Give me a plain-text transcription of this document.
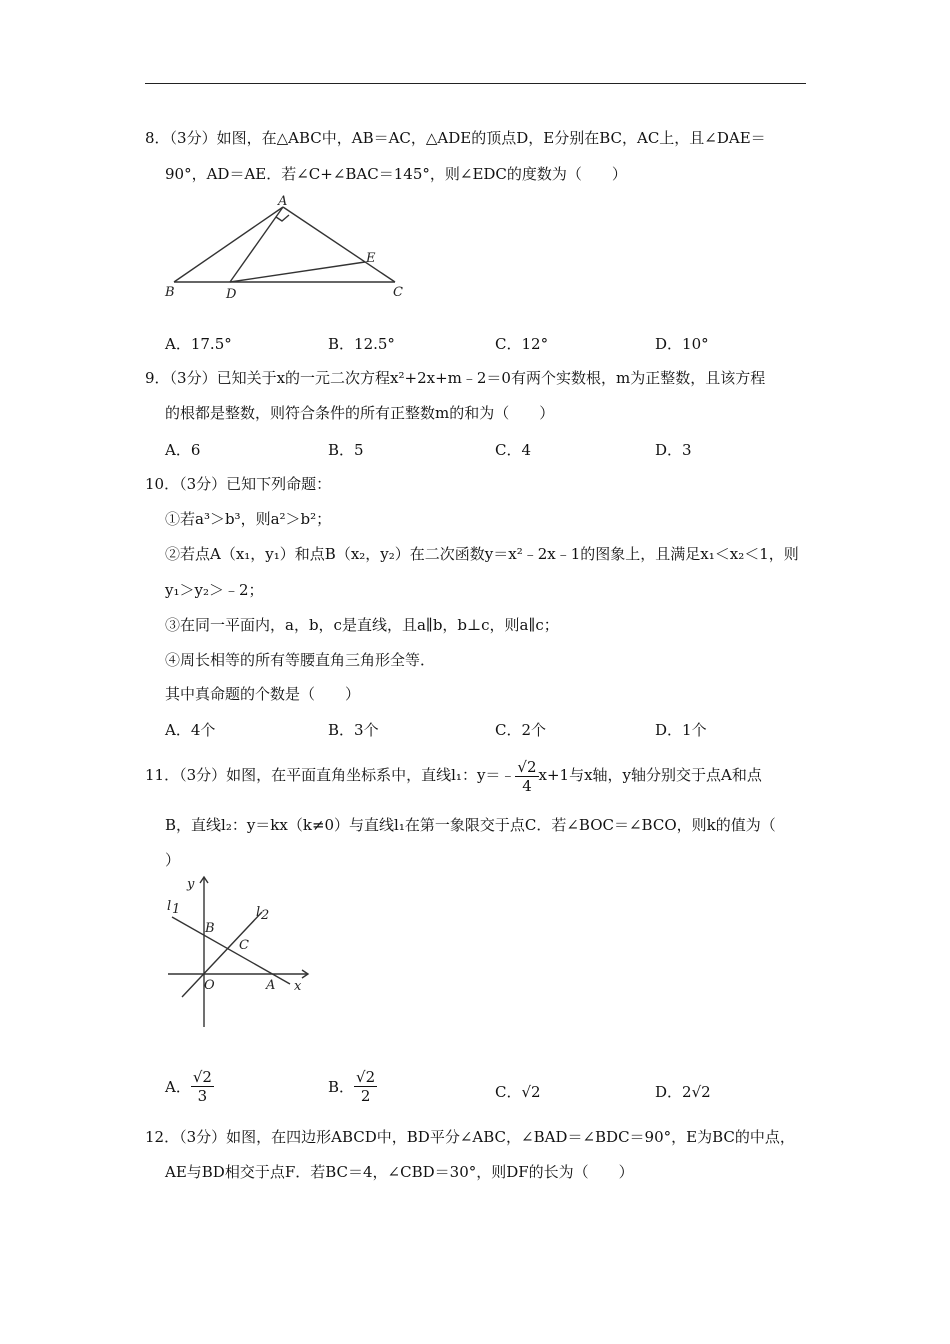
8．（3分）如图，在△ABC中，AB＝AC，△ADE的顶点D，E分别在BC，AC上，且∠DAE＝
90°，AD＝AE．若∠C+∠BAC＝145°，则∠EDC的度数为（　　）
A
B	D	C
E
A．17.5°	B．12.5°	C．12°	D．10°
9．（3分）已知关于x的一元二次方程x²+2x+m﹣2＝0有两个实数根，m为正整数，且该方程
的根都是整数，则符合条件的所有正整数m的和为（　　）
A．6	B．5	C．4	D．3
10．（3分）已知下列命题：
①若a³＞b³，则a²＞b²；
②若点A（x₁，y₁）和点B（x₂，y₂）在二次函数y＝x²﹣2x﹣1的图象上，且满足x₁＜x₂＜1，则
y₁＞y₂＞﹣2；
③在同一平面内，a，b，c是直线，且a∥b，b⊥c，则a∥c；
④周长相等的所有等腰直角三角形全等．
其中真命题的个数是（　　）
A．4个	B．3个	C．2个	D．1个
11．（3分）如图，在平面直角坐标系中，直线l₁：y＝﹣ $\frac{√2}{4} x+1$与x轴，y轴分别交于点A和点
B，直线l₂：y＝kx（k≠0）与直线l₁在第一象限交于点C．若∠BOC＝∠BCO，则k的值为（
）
y
x
O	A
B
C
l 1	l 2
A． $\frac{√2}{3}$	B． $\frac{√2}{2}$	C．√2	D．2√2
12．（3分）如图，在四边形ABCD中，BD平分∠ABC，∠BAD＝∠BDC＝90°，E为BC的中点，
AE与BD相交于点F．若BC＝4，∠CBD＝30°，则DF的长为（　　）
